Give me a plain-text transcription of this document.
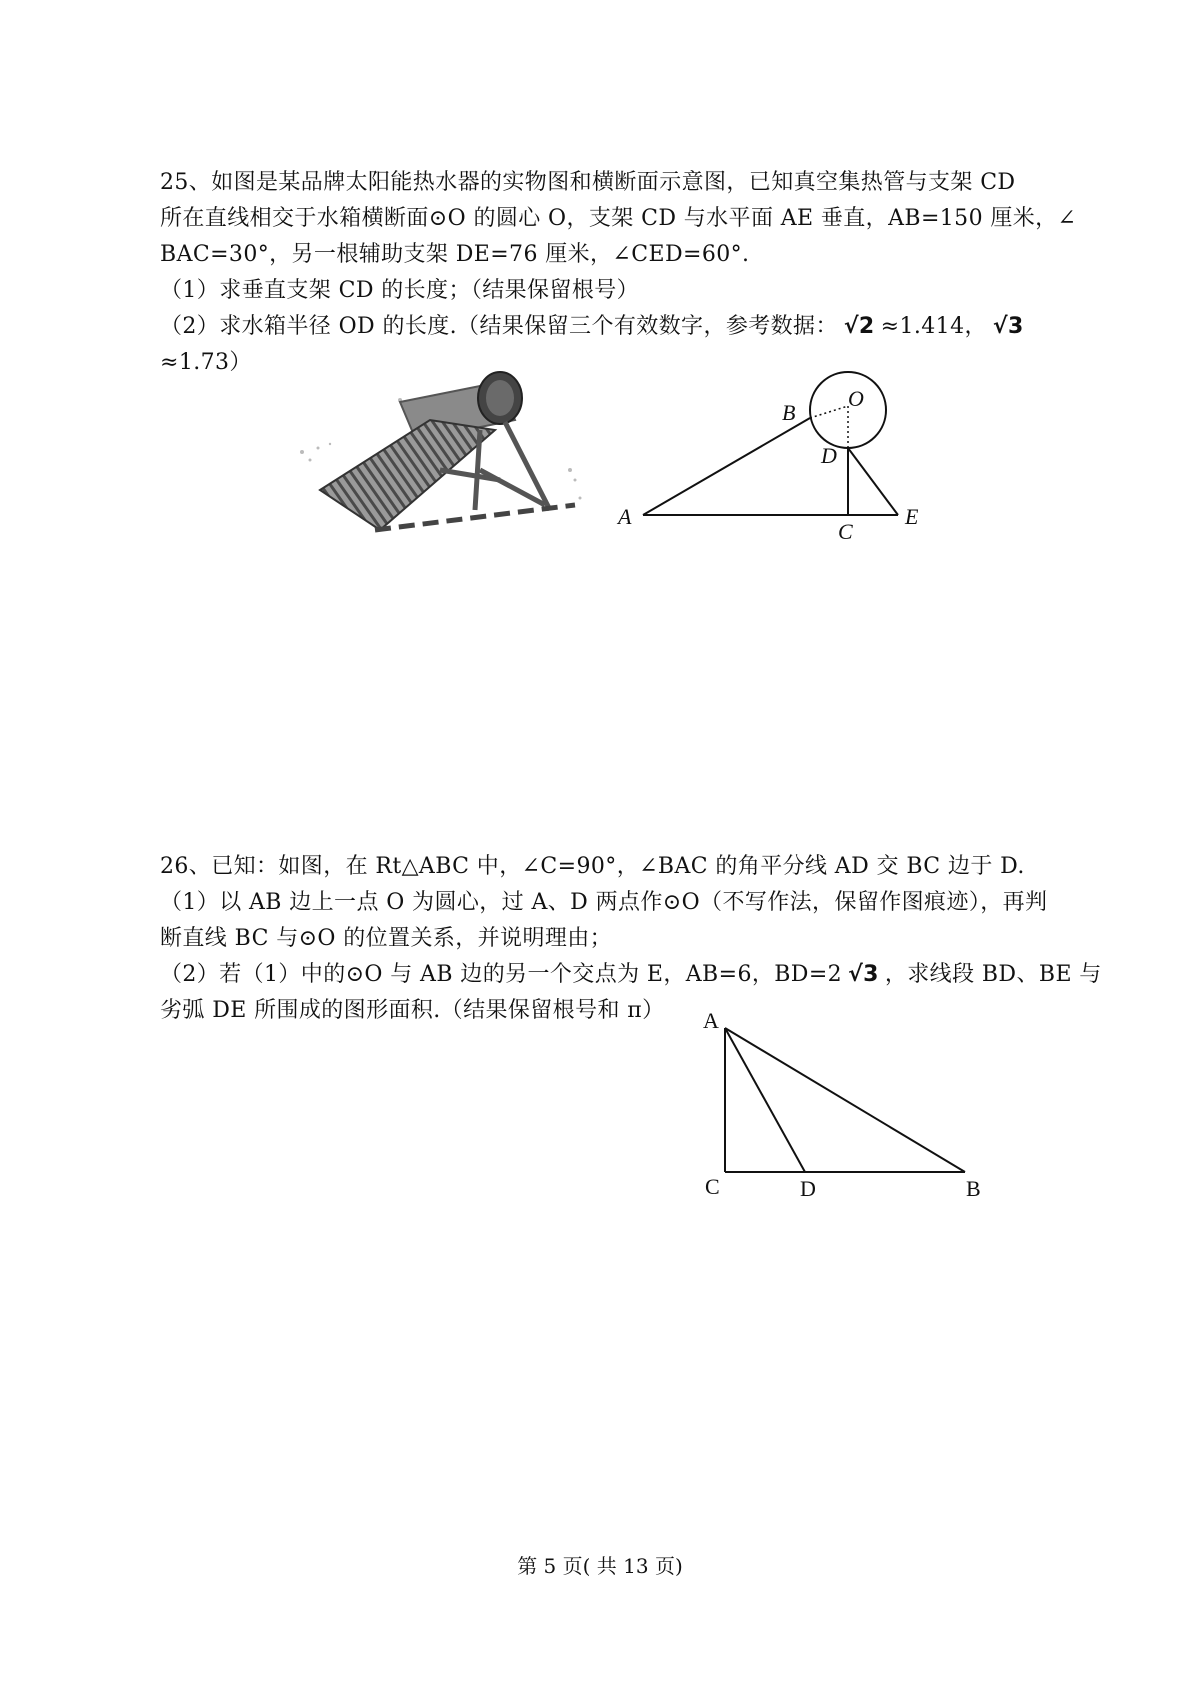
25、如图是某品牌太阳能热水器的实物图和横断面示意图，已知真空集热管与支架 CD
所在直线相交于水箱横断面⊙O 的圆心 O，支架 CD 与水平面 AE 垂直，AB=150 厘米，∠
BAC=30°，另一根辅助支架 DE=76 厘米，∠CED=60°.
（1）求垂直支架 CD 的长度；（结果保留根号）
（2）求水箱半径 OD 的长度.（结果保留三个有效数字，参考数据： √2 ≈1.414， √3
≈1.73）
O
B
D
A
C
E
26、已知：如图，在 Rt△ABC 中，∠C=90°，∠BAC 的角平分线 AD 交 BC 边于 D.
（1）以 AB 边上一点 O 为圆心，过 A、D 两点作⊙O（不写作法，保留作图痕迹），再判
断直线 BC 与⊙O 的位置关系，并说明理由；
（2）若（1）中的⊙O 与 AB 边的另一个交点为 E，AB=6，BD=2 √3 ，求线段 BD、BE 与
劣弧 DE 所围成的图形面积.（结果保留根号和 π） A
C	D	B
第 5 页( 共 13 页)
